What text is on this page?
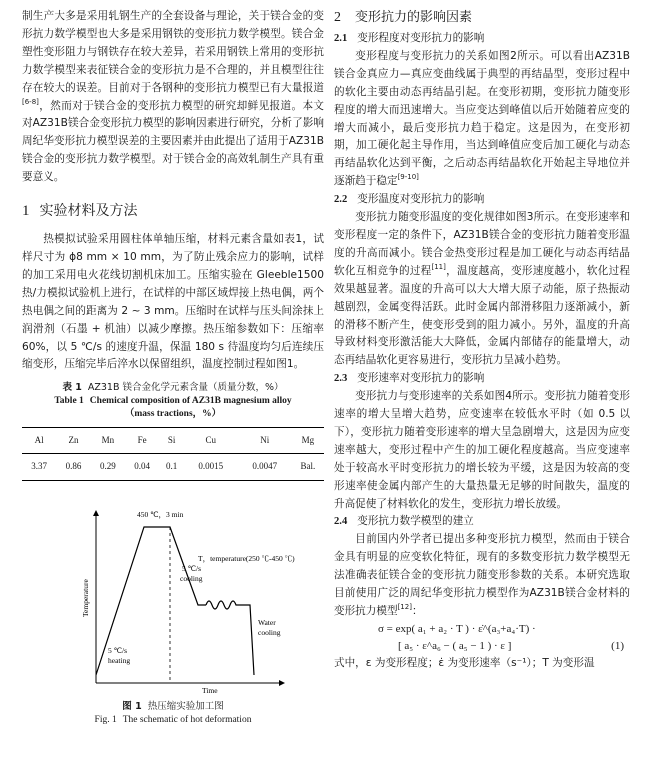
制生产大多是采用轧钢生产的全套设备与理论，关于镁合金的变形抗力数学模型也大多是采用钢铁的变形抗力数学模型。镁合金塑性变形阻力与钢铁存在较大差异，若采用钢铁上常用的变形抗力数学模型来表征镁合金的变形抗力是不合理的，并且模型往往存在较大的误差。目前对于各钢种的变形抗力模型已有大量报道[6-8]，然而对于镁合金的变形抗力模型的研究却鲜见报道。本文对AZ31B镁合金变形抗力模型的影响因素进行研究，分析了影响周纪华变形抗力模型误差的主要因素并由此提出了适用于AZ31B镁合金的变形抗力数学模型。对于镁合金的高效轧制生产具有重要意义。

1 实验材料及方法

热模拟试验采用圆柱体单轴压缩，材料元素含量如表1，试样尺寸为 ϕ8 mm × 10 mm，为了防止残余应力的影响，试样的加工采用电火花线切割机床加工。压缩实验在 Gleeble1500 热/力模拟试验机上进行，在试样的中部区域焊接上热电偶，两个热电偶之间的距离为 2 ~ 3 mm。压缩时在试样与压头间涂抹上润滑剂（石墨 + 机油）以减少摩擦。热压缩参数如下：压缩率 60%，以 5 ℃/s 的速度升温，保温 180 s 待温度均匀后连续压缩变形，压缩完毕后淬水以保留组织，温度控制过程如图1。

表 1 AZ31B 镁合金化学元素含量（质量分数，%）
Table 1 Chemical composition of AZ31B magnesium alloy
（mass tractions，%）
Al	Zn	Mn	Fe	Si	Cu	Ni	Mg
3.37	0.86	0.29	0.04	0.1	0.0015	0.0047	Bal.
450 ℃，3 min
5 ℃/s
cooling
T，temperature(250 ℃-450 ℃)
Water
cooling
5 ℃/s
heating
Temperature
Time
图 1 热压缩实验加工图
Fig. 1 The schematic of hot deformation
2 变形抗力的影响因素
2.1 变形程度对变形抗力的影响

变形程度与变形抗力的关系如图2所示。可以看出AZ31B镁合金真应力—真应变曲线属于典型的再结晶型，变形过程中的软化主要由动态再结晶引起。在变形初期，变形抗力随变形程度的增大而迅速增大。当应变达到峰值以后开始随着应变的增大而减小，最后变形抗力趋于稳定。这是因为，在变形初期，加工硬化起主导作用，当达到峰值应变后加工硬化与动态再结晶软化达到平衡，之后动态再结晶软化开始起主导地位并逐渐趋于稳定[9-10]

2.2 变形温度对变形抗力的影响

变形抗力随变形温度的变化规律如图3所示。在变形速率和变形程度一定的条件下，AZ31B镁合金的变形抗力随着变形温度的升高而减小。镁合金热变形过程是加工硬化与动态再结晶软化互相竞争的过程[11]，温度越高，变形速度越小，软化过程效果越显著。温度的升高可以大大增大原子动能，原子热振动越剧烈，金属变得活跃。此时金属内部滑移阻力逐渐减小，新的滑移不断产生，使变形受到的阻力减小。另外，温度的升高导致材料变形激活能大大降低，金属内部储存的能量增大，动态再结晶软化更容易进行，变形抗力呈减小趋势。

2.3 变形速率对变形抗力的影响

变形抗力与变形速率的关系如图4所示。变形抗力随着变形速率的增大呈增大趋势，应变速率在较低水平时（如 0.5 以下），变形抗力随着变形速率的增大呈急剧增大，这是因为应变速率越大，变形过程中产生的加工硬化程度越高。当应变速率处于较高水平时变形抗力的增长较为平缓，这是因为较高的变形速率使金属内部产生的大量热量无足够的时间散失，温度的升高促使了材料软化的发生，变形抗力增长放缓。

2.4 变形抗力数学模型的建立

目前国内外学者已提出多种变形抗力模型，然而由于镁合金具有明显的应变软化特征，现有的多数变形抗力数学模型无法准确表征镁合金的变形抗力随变形参数的关系。本研究选取目前使用广泛的周纪华变形抗力模型作为AZ31B镁合金材料的变形抗力模型[12]：

σ = exp( a₁ + a₂ · T ) · ε̇^(a₃+a₄·T) ·
[ a₅ · ε^a₆ − ( a₅ − 1 ) · ε ]	(1)

式中，ε 为变形程度；ε̇ 为变形速率（s⁻¹）；T 为变形温
